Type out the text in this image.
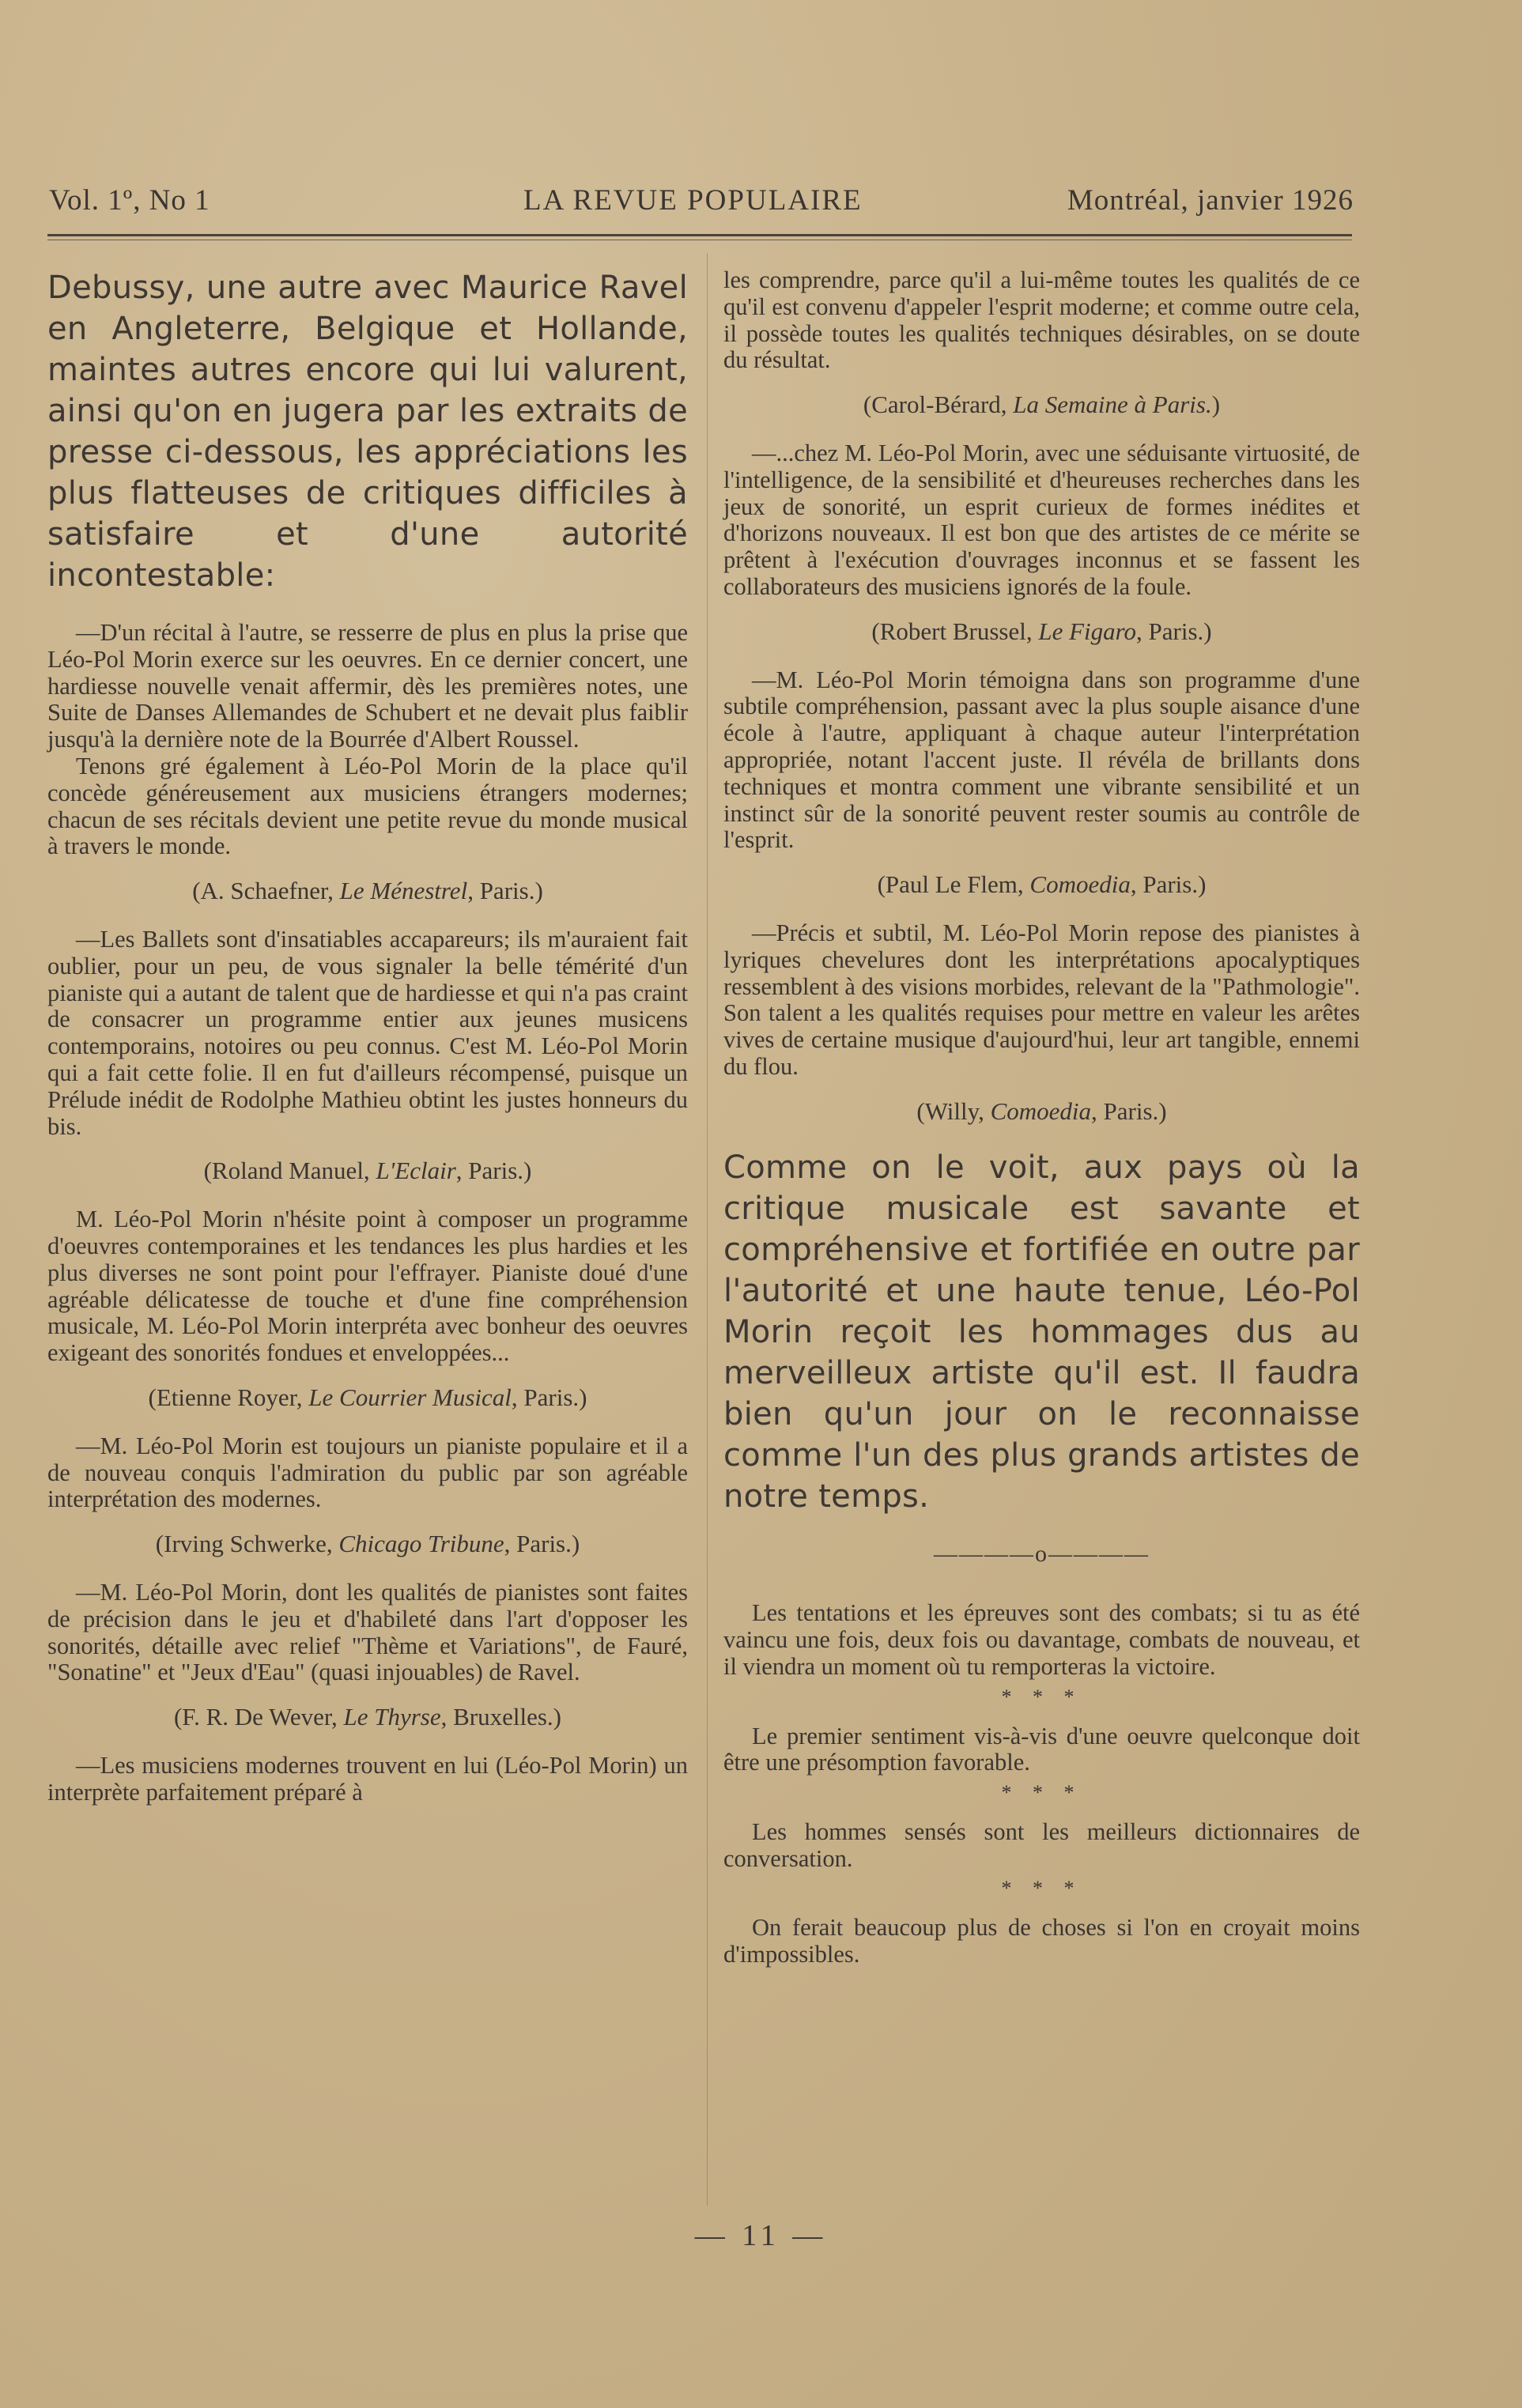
Vol. 1º, No 1	LA REVUE POPULAIRE	Montréal, janvier 1926

Debussy, une autre avec Maurice Ravel en Angleterre, Belgique et Hollande, maintes autres encore qui lui valurent, ainsi qu'on en jugera par les extraits de presse ci-dessous, les appréciations les plus flatteuses de critiques difficiles à satisfaire et d'une autorité incontestable:

—D'un récital à l'autre, se resserre de plus en plus la prise que Léo-Pol Morin exerce sur les oeuvres. En ce dernier concert, une hardiesse nouvelle venait affermir, dès les premières notes, une Suite de Danses Allemandes de Schubert et ne devait plus faiblir jusqu'à la dernière note de la Bourrée d'Albert Roussel.

Tenons gré également à Léo-Pol Morin de la place qu'il concède généreusement aux musiciens étrangers modernes; chacun de ses récitals devient une petite revue du monde musical à travers le monde.

(A. Schaefner, Le Ménestrel, Paris.)

—Les Ballets sont d'insatiables accapareurs; ils m'auraient fait oublier, pour un peu, de vous signaler la belle témérité d'un pianiste qui a autant de talent que de hardiesse et qui n'a pas craint de consacrer un programme entier aux jeunes musicens contemporains, notoires ou peu connus. C'est M. Léo-Pol Morin qui a fait cette folie. Il en fut d'ailleurs récompensé, puisque un Prélude inédit de Rodolphe Mathieu obtint les justes honneurs du bis.

(Roland Manuel, L'Eclair, Paris.)

M. Léo-Pol Morin n'hésite point à composer un programme d'oeuvres contemporaines et les tendances les plus hardies et les plus diverses ne sont point pour l'effrayer. Pianiste doué d'une agréable délicatesse de touche et d'une fine compréhension musicale, M. Léo-Pol Morin interpréta avec bonheur des oeuvres exigeant des sonorités fondues et enveloppées...

(Etienne Royer, Le Courrier Musical, Paris.)

—M. Léo-Pol Morin est toujours un pianiste populaire et il a de nouveau conquis l'admiration du public par son agréable interprétation des modernes.

(Irving Schwerke, Chicago Tribune, Paris.)

—M. Léo-Pol Morin, dont les qualités de pianistes sont faites de précision dans le jeu et d'habileté dans l'art d'opposer les sonorités, détaille avec relief "Thème et Variations", de Fauré, "Sonatine" et "Jeux d'Eau" (quasi injouables) de Ravel.

(F. R. De Wever, Le Thyrse, Bruxelles.)

—Les musiciens modernes trouvent en lui (Léo-Pol Morin) un interprète parfaitement préparé à

les comprendre, parce qu'il a lui-même toutes les qualités de ce qu'il est convenu d'appeler l'esprit moderne; et comme outre cela, il possède toutes les qualités techniques désirables, on se doute du résultat.

(Carol-Bérard, La Semaine à Paris.)

—...chez M. Léo-Pol Morin, avec une séduisante virtuosité, de l'intelligence, de la sensibilité et d'heureuses recherches dans les jeux de sonorité, un esprit curieux de formes inédites et d'horizons nouveaux. Il est bon que des artistes de ce mérite se prêtent à l'exécution d'ouvrages inconnus et se fassent les collaborateurs des musiciens ignorés de la foule.

(Robert Brussel, Le Figaro, Paris.)

—M. Léo-Pol Morin témoigna dans son programme d'une subtile compréhension, passant avec la plus souple aisance d'une école à l'autre, appliquant à chaque auteur l'interprétation appropriée, notant l'accent juste. Il révéla de brillants dons techniques et montra comment une vibrante sensibilité et un instinct sûr de la sonorité peuvent rester soumis au contrôle de l'esprit.

(Paul Le Flem, Comoedia, Paris.)

—Précis et subtil, M. Léo-Pol Morin repose des pianistes à lyriques chevelures dont les interprétations apocalyptiques ressemblent à des visions morbides, relevant de la "Pathmologie". Son talent a les qualités requises pour mettre en valeur les arêtes vives de certaine musique d'aujourd'hui, leur art tangible, ennemi du flou.

(Willy, Comoedia, Paris.)

Comme on le voit, aux pays où la critique musicale est savante et compréhensive et fortifiée en outre par l'autorité et une haute tenue, Léo-Pol Morin reçoit les hommages dus au merveilleux artiste qu'il est. Il faudra bien qu'un jour on le reconnaisse comme l'un des plus grands artistes de notre temps.

————o————

Les tentations et les épreuves sont des combats; si tu as été vaincu une fois, deux fois ou davantage, combats de nouveau, et il viendra un moment où tu remporteras la victoire.

* * *

Le premier sentiment vis-à-vis d'une oeuvre quelconque doit être une présomption favorable.

* * *

Les hommes sensés sont les meilleurs dictionnaires de conversation.

* * *

On ferait beaucoup plus de choses si l'on en croyait moins d'impossibles.

— 11 —
